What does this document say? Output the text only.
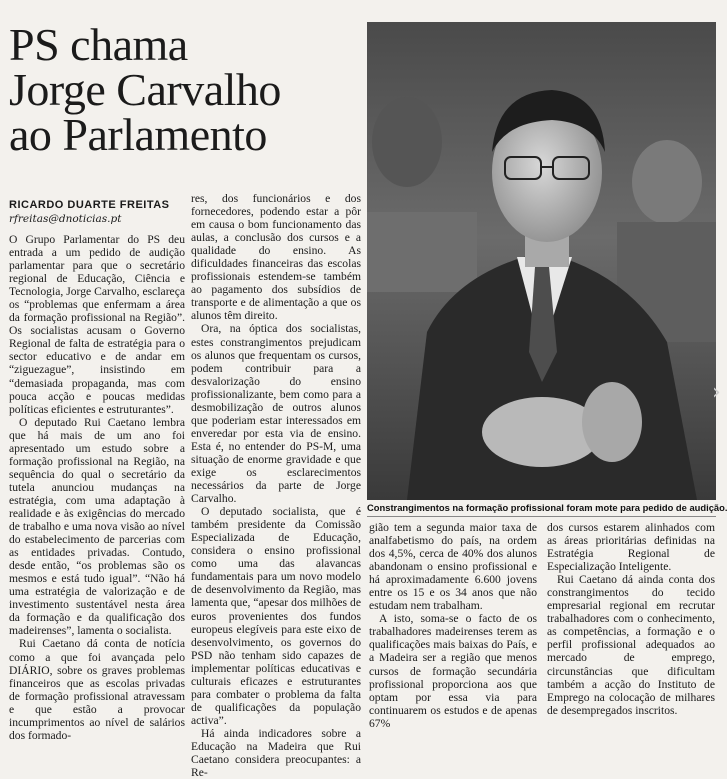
PS chama
Jorge Carvalho
ao Parlamento
RICARDO DUARTE FREITAS
rfreitas@dnoticias.pt

O Grupo Parlamentar do PS deu entrada a um pedido de audição parlamentar para que o secretário regional de Educação, Ciência e Tecnologia, Jorge Carvalho, esclareça os “problemas que enfermam a área da formação profissional na Região”. Os socialistas acusam o Governo Regional de falta de estratégia para o sector educativo e de andar em “ziguezague”, insistindo em “demasiada propaganda, mas com pouca acção e poucas medidas políticas eficientes e estruturantes”.

O deputado Rui Caetano lembra que há mais de um ano foi apresentado um estudo sobre a formação profissional na Região, na sequência do qual o secretário da tutela anunciou mudanças na estratégia, com uma adaptação à realidade e às exigências do mercado de trabalho e uma nova visão ao nível do estabelecimento de parcerias com as entidades privadas. Contudo, desde então, “os problemas são os mesmos e está tudo igual”. “Não há uma estratégia de valorização e de investimento sustentável nesta área da formação e da qualificação dos madeirenses”, lamenta o socialista.

Rui Caetano dá conta de notícia como a que foi avançada pelo DIÁRIO, sobre os graves problemas financeiros que as escolas privadas de formação profissional atravessam e que estão a provocar incumprimentos ao nível de salários dos formado-

res, dos funcionários e dos fornecedores, podendo estar a pôr em causa o bom funcionamento das aulas, a conclusão dos cursos e a qualidade do ensino. As dificuldades financeiras das escolas profissionais estendem-se também ao pagamento dos subsídios de transporte e de alimentação a que os alunos têm direito.

Ora, na óptica dos socialistas, estes constrangimentos prejudicam os alunos que frequentam os cursos, podem contribuir para a desvalorização do ensino profissionalizante, bem como para a desmobilização de outros alunos que poderiam estar interessados em enveredar por esta via de ensino. Esta é, no entender do PS-M, uma situação de enorme gravidade e que exige os esclarecimentos necessários da parte de Jorge Carvalho.

O deputado socialista, que é também presidente da Comissão Especializada de Educação, considera o ensino profissional como uma das alavancas fundamentais para um novo modelo de desenvolvimento da Região, mas lamenta que, “apesar dos milhões de euros provenientes dos fundos europeus elegíveis para este eixo de desenvolvimento, os governos do PSD não tenham sido capazes de implementar políticas educativas e culturais eficazes e estruturantes para combater o problema da falta de qualificações da população activa”.

Há ainda indicadores sobre a Educação na Madeira que Rui Caetano considera preocupantes: a Re-

Constrangimentos na formação profissional foram mote para pedido de audição.

gião tem a segunda maior taxa de analfabetismo do país, na ordem dos 4,5%, cerca de 40% dos alunos abandonam o ensino profissional e há aproximadamente 6.600 jovens entre os 15 e os 34 anos que não estudam nem trabalham.

A isto, soma-se o facto de os trabalhadores madeirenses terem as qualificações mais baixas do País, e a Madeira ser a região que menos cursos de formação secundária profissional proporciona aos que optam por essa via para continuarem os estudos e de apenas 67%

dos cursos estarem alinhados com as áreas prioritárias definidas na Estratégia Regional de Especialização Inteligente.

Rui Caetano dá ainda conta dos constrangimentos do tecido empresarial regional em recrutar trabalhadores com o conhecimento, as competências, a formação e o perfil profissional adequados ao mercado de emprego, circunstâncias que dificultam também a acção do Instituto de Emprego na colocação de milhares de desempregados inscritos.

›
